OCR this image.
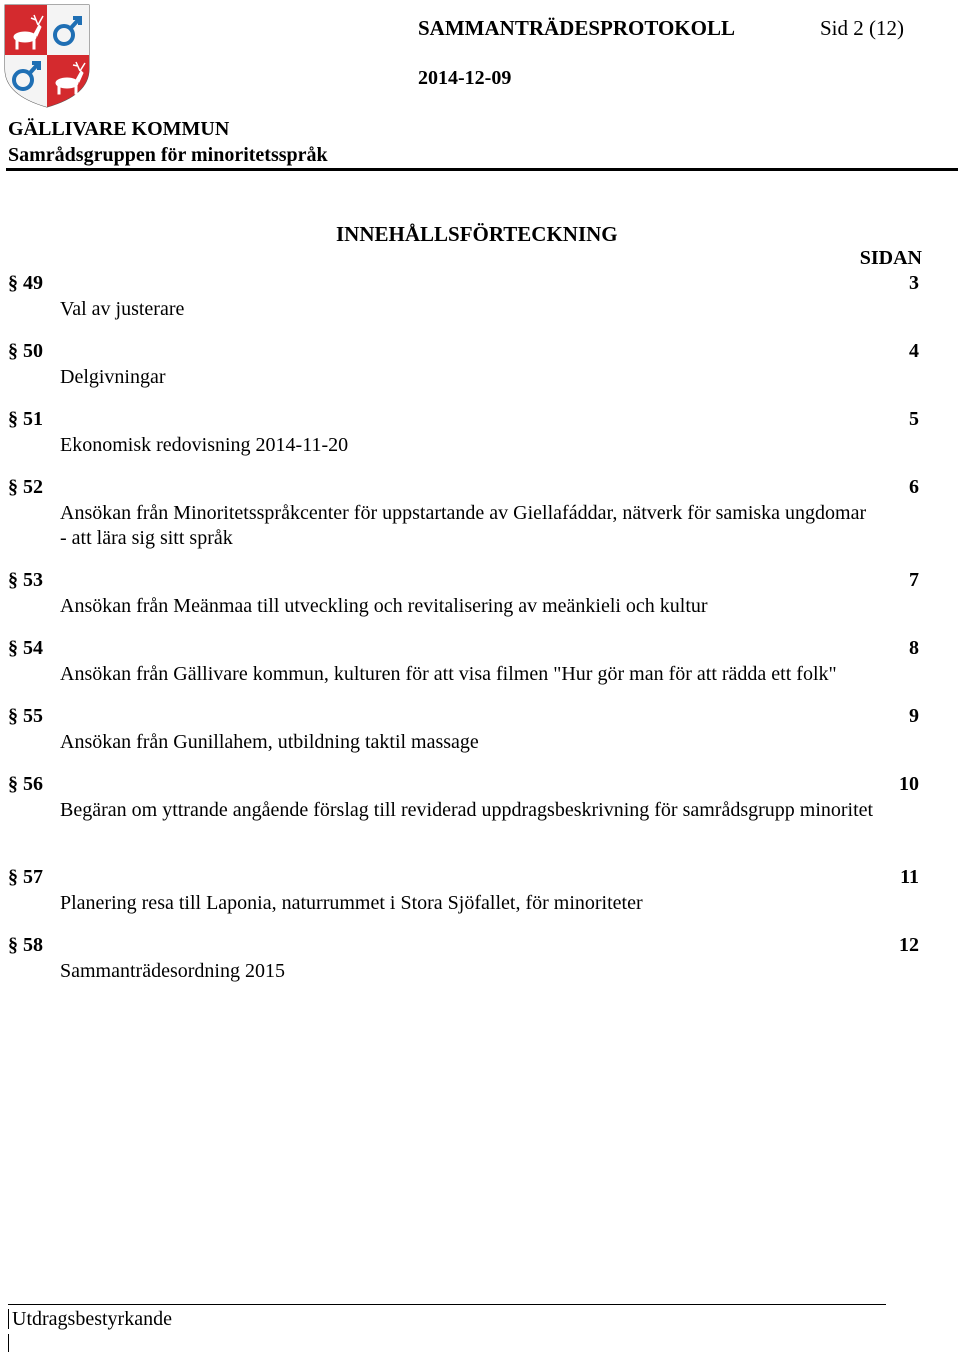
SAMMANTRÄDESPROTOKOLL	Sid 2 (12)
2014-12-09
GÄLLIVARE KOMMUN
Samrådsgruppen för minoritetsspråk
INNEHÅLLSFÖRTECKNING
SIDAN
§ 49	3
Val av justerare
§ 50	4
Delgivningar
§ 51	5
Ekonomisk redovisning 2014-11-20
§ 52	6
Ansökan från Minoritetsspråkcenter för uppstartande av Giellafáddar, nätverk för samiska ungdomar - att lära sig sitt språk
§ 53	7
Ansökan från Meänmaa till utveckling och revitalisering av meänkieli och kultur
§ 54	8
Ansökan från Gällivare kommun, kulturen för att visa filmen "Hur gör man för att rädda ett folk"
§ 55	9
Ansökan från Gunillahem, utbildning taktil massage
§ 56	10
Begäran om yttrande angående förslag till reviderad uppdragsbeskrivning för samrådsgrupp minoritet
§ 57	11
Planering resa till Laponia, naturrummet i Stora Sjöfallet, för minoriteter
§ 58	12
Sammanträdesordning 2015
Utdragsbestyrkande
